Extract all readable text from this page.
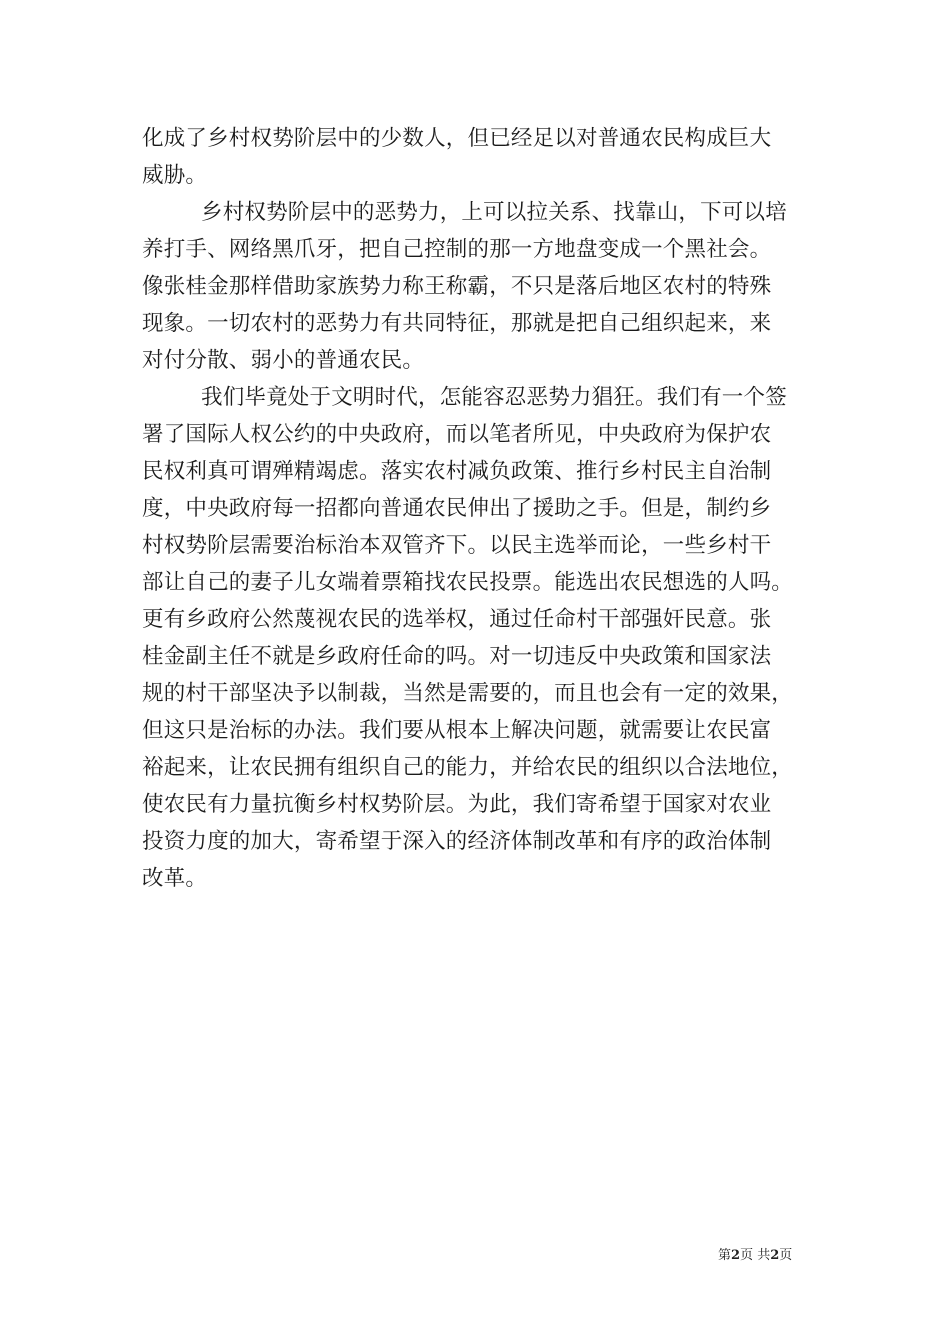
化成了乡村权势阶层中的少数人，但已经足以对普通农民构成巨大
威胁。
乡村权势阶层中的恶势力，上可以拉关系、找靠山，下可以培
养打手、网络黑爪牙，把自己控制的那一方地盘变成一个黑社会。
像张桂金那样借助家族势力称王称霸，不只是落后地区农村的特殊
现象。一切农村的恶势力有共同特征，那就是把自己组织起来，来
对付分散、弱小的普通农民。
我们毕竟处于文明时代，怎能容忍恶势力猖狂。我们有一个签
署了国际人权公约的中央政府，而以笔者所见，中央政府为保护农
民权利真可谓殚精竭虑。落实农村减负政策、推行乡村民主自治制
度，中央政府每一招都向普通农民伸出了援助之手。但是，制约乡
村权势阶层需要治标治本双管齐下。以民主选举而论，一些乡村干
部让自己的妻子儿女端着票箱找农民投票。能选出农民想选的人吗。
更有乡政府公然蔑视农民的选举权，通过任命村干部强奸民意。张
桂金副主任不就是乡政府任命的吗。对一切违反中央政策和国家法
规的村干部坚决予以制裁，当然是需要的，而且也会有一定的效果，
但这只是治标的办法。我们要从根本上解决问题，就需要让农民富
裕起来，让农民拥有组织自己的能力，并给农民的组织以合法地位，
使农民有力量抗衡乡村权势阶层。为此，我们寄希望于国家对农业
投资力度的加大，寄希望于深入的经济体制改革和有序的政治体制
改革。
第2页 共2页
